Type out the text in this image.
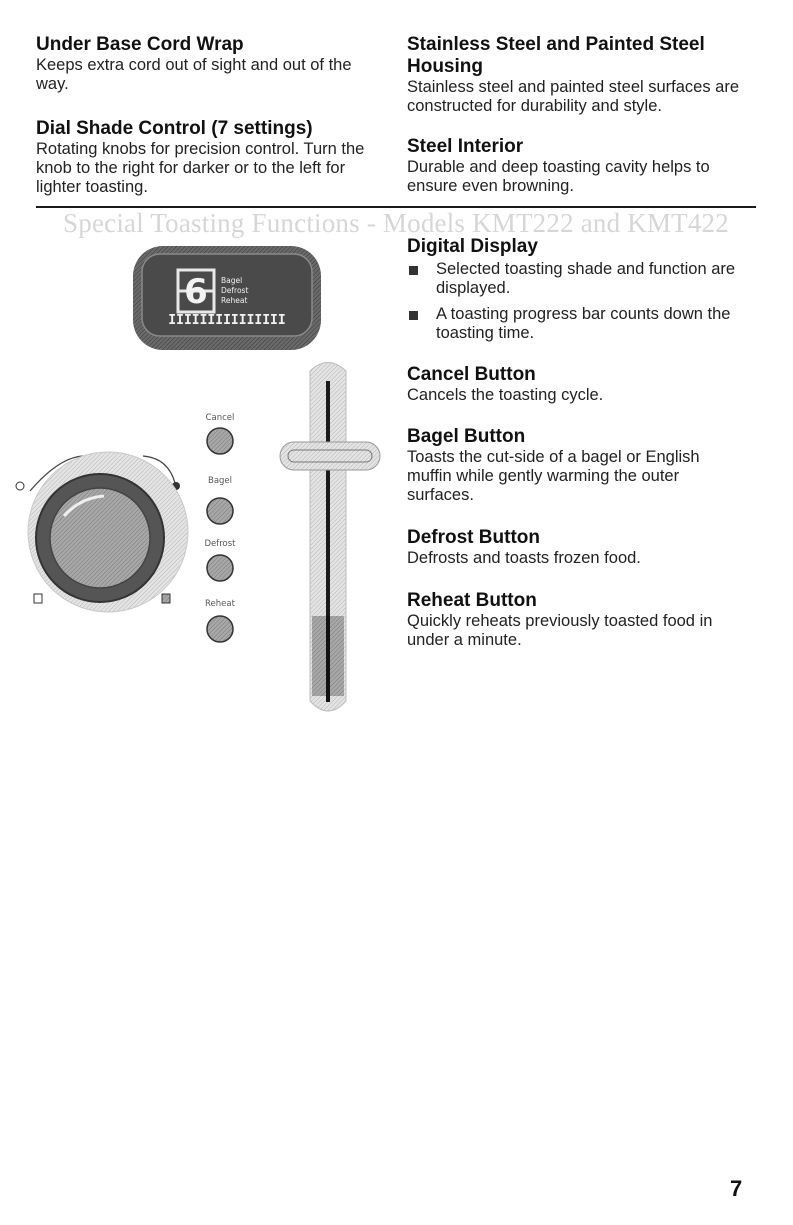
Under Base Cord Wrap

Keeps extra cord out of sight and out of the way.

Dial Shade Control (7 settings)

Rotating knobs for precision control. Turn the knob to the right for darker or to the left for lighter toasting.

Stainless Steel and Painted Steel Housing

Stainless steel and painted steel surfaces are constructed for durability and style.

Steel Interior

Durable and deep toasting cavity helps to ensure even browning.

Special Toasting Functions - Models KMT222 and KMT422
6 Bagel
Defrost
Reheat
IIIIIIIIIIIIIII
Cancel
Bagel
Defrost
Reheat
Digital Display
Selected toasting shade and function are displayed.
A toasting progress bar counts down the toasting time.
Cancel Button

Cancels the toasting cycle.

Bagel Button

Toasts the cut-side of a bagel or English muffin while gently warming the outer surfaces.

Defrost Button

Defrosts and toasts frozen food.

Reheat Button

Quickly reheats previously toasted food in under a minute.

7
